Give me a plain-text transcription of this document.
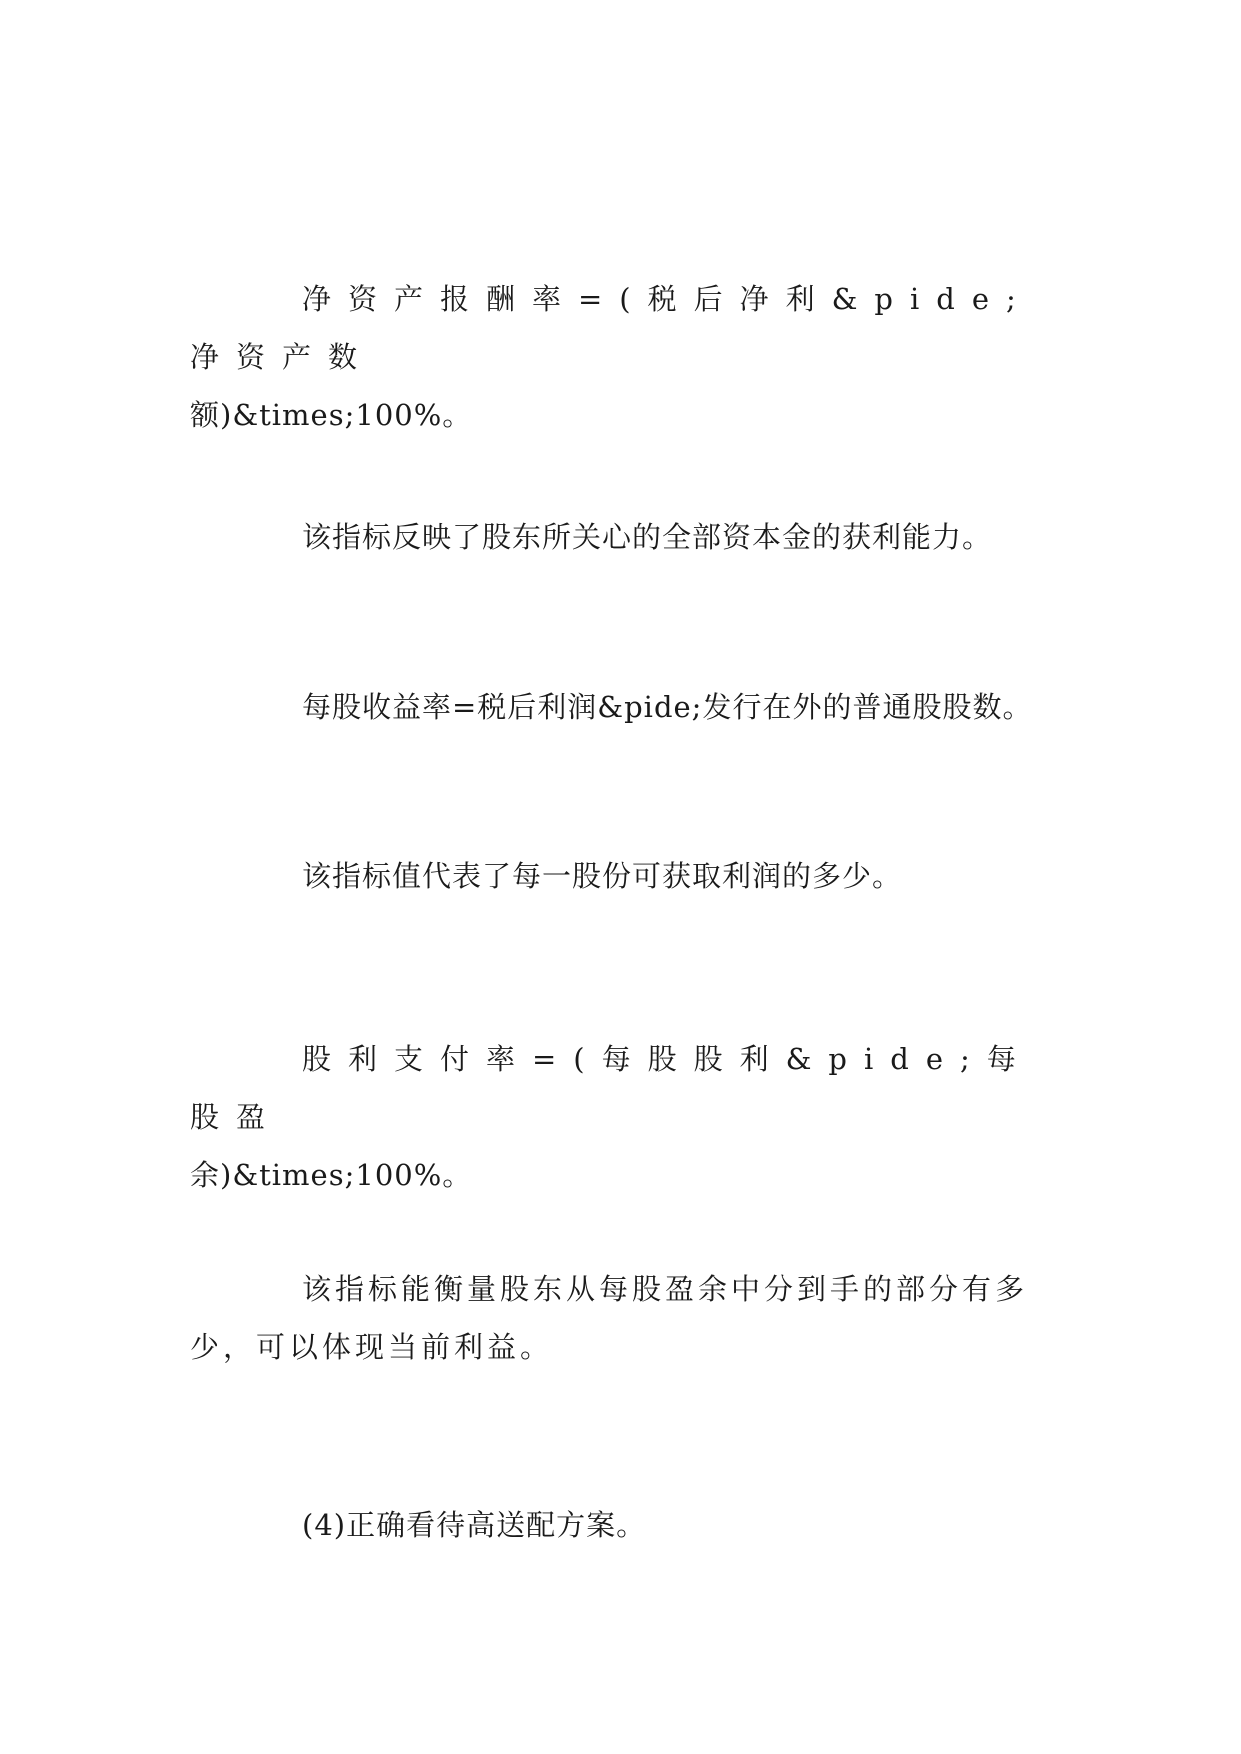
净资产报酬率=(税后净利&pide;净资产数
额)&times;100%。

该指标反映了股东所关心的全部资本金的获利能力。

每股收益率=税后利润&pide;发行在外的普通股股数。

该指标值代表了每一股份可获取利润的多少。

股利支付率=(每股股利&pide;每股盈
余)&times;100%。
该指标能衡量股东从每股盈余中分到手的部分有多
少，可以体现当前利益。

(4)正确看待高送配方案。
